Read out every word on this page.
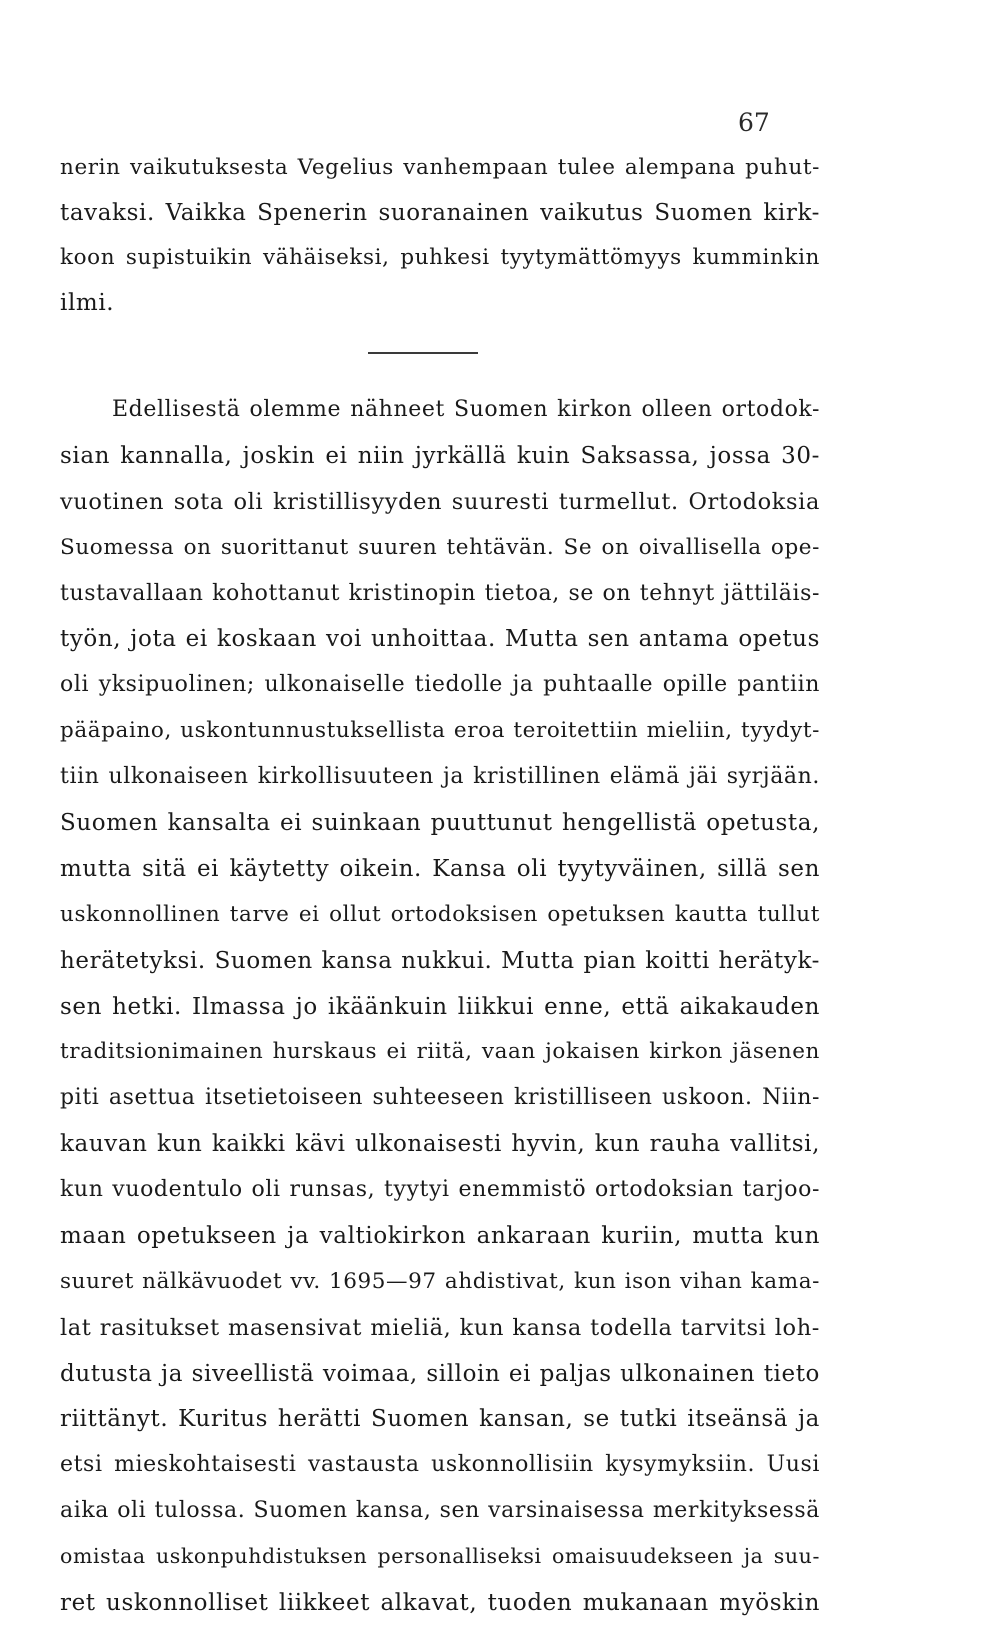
67
nerin vaikutuksesta Vegelius vanhempaan tulee alempana puhut-
tavaksi. Vaikka Spenerin suoranainen vaikutus Suomen kirk-
koon supistuikin vähäiseksi, puhkesi tyytymättömyys kumminkin
ilmi.
Edellisestä olemme nähneet Suomen kirkon olleen ortodok-
sian kannalla, joskin ei niin jyrkällä kuin Saksassa, jossa 30-
vuotinen sota oli kristillisyyden suuresti turmellut. Ortodoksia
Suomessa on suorittanut suuren tehtävän. Se on oivallisella ope-
tustavallaan kohottanut kristinopin tietoa, se on tehnyt jättiläis-
työn, jota ei koskaan voi unhoittaa. Mutta sen antama opetus
oli yksipuolinen; ulkonaiselle tiedolle ja puhtaalle opille pantiin
pääpaino, uskontunnustuksellista eroa teroitettiin mieliin, tyydyt-
tiin ulkonaiseen kirkollisuuteen ja kristillinen elämä jäi syrjään.
Suomen kansalta ei suinkaan puuttunut hengellistä opetusta,
mutta sitä ei käytetty oikein. Kansa oli tyytyväinen, sillä sen
uskonnollinen tarve ei ollut ortodoksisen opetuksen kautta tullut
herätetyksi. Suomen kansa nukkui. Mutta pian koitti herätyk-
sen hetki. Ilmassa jo ikäänkuin liikkui enne, että aikakauden
traditsionimainen hurskaus ei riitä, vaan jokaisen kirkon jäsenen
piti asettua itsetietoiseen suhteeseen kristilliseen uskoon. Niin-
kauvan kun kaikki kävi ulkonaisesti hyvin, kun rauha vallitsi,
kun vuodentulo oli runsas, tyytyi enemmistö ortodoksian tarjoo-
maan opetukseen ja valtiokirkon ankaraan kuriin, mutta kun
suuret nälkävuodet vv. 1695—97 ahdistivat, kun ison vihan kama-
lat rasitukset masensivat mieliä, kun kansa todella tarvitsi loh-
dutusta ja siveellistä voimaa, silloin ei paljas ulkonainen tieto
riittänyt. Kuritus herätti Suomen kansan, se tutki itseänsä ja
etsi mieskohtaisesti vastausta uskonnollisiin kysymyksiin. Uusi
aika oli tulossa. Suomen kansa, sen varsinaisessa merkityksessä
omistaa uskonpuhdistuksen personalliseksi omaisuudekseen ja suu-
ret uskonnolliset liikkeet alkavat, tuoden mukanaan myöskin
